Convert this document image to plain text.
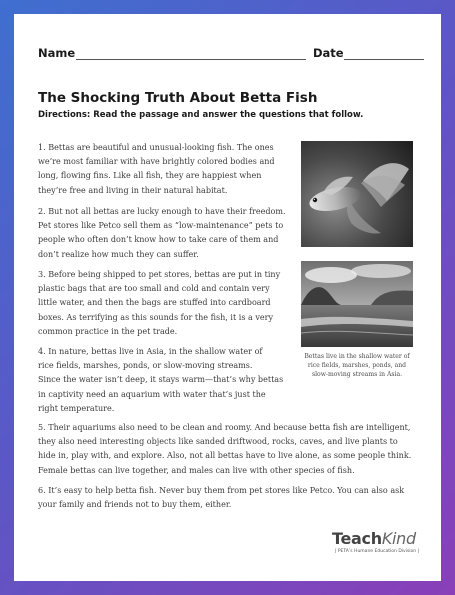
Name	Date
The Shocking Truth About Betta Fish
Directions: Read the passage and answer the questions that follow.
1. Bettas are beautiful and unusual-looking fish. The ones
we’re most familiar with have brightly colored bodies and
long, flowing fins. Like all fish, they are happiest when
they’re free and living in their natural habitat.
2. But not all bettas are lucky enough to have their freedom.
Pet stores like Petco sell them as “low-maintenance” pets to
people who often don’t know how to take care of them and
don’t realize how much they can suffer.
3. Before being shipped to pet stores, bettas are put in tiny
plastic bags that are too small and cold and contain very
little water, and then the bags are stuffed into cardboard
boxes. As terrifying as this sounds for the fish, it is a very
common practice in the pet trade.
4. In nature, bettas live in Asia, in the shallow water of
rice fields, marshes, ponds, or slow-moving streams.
Since the water isn’t deep, it stays warm—that’s why bettas
in captivity need an aquarium with water that’s just the
right temperature.
5. Their aquariums also need to be clean and roomy. And because betta fish are intelligent,
they also need interesting objects like sanded driftwood, rocks, caves, and live plants to
hide in, play with, and explore. Also, not all bettas have to live alone, as some people think.
Female bettas can live together, and males can live with other species of fish.
6. It’s easy to help betta fish. Never buy them from pet stores like Petco. You can also ask
your family and friends not to buy them, either.
Bettas live in the shallow water of
rice fields, marshes, ponds, and
slow-moving streams in Asia.
TeachKind
| PETA’s Humane Education Division |
